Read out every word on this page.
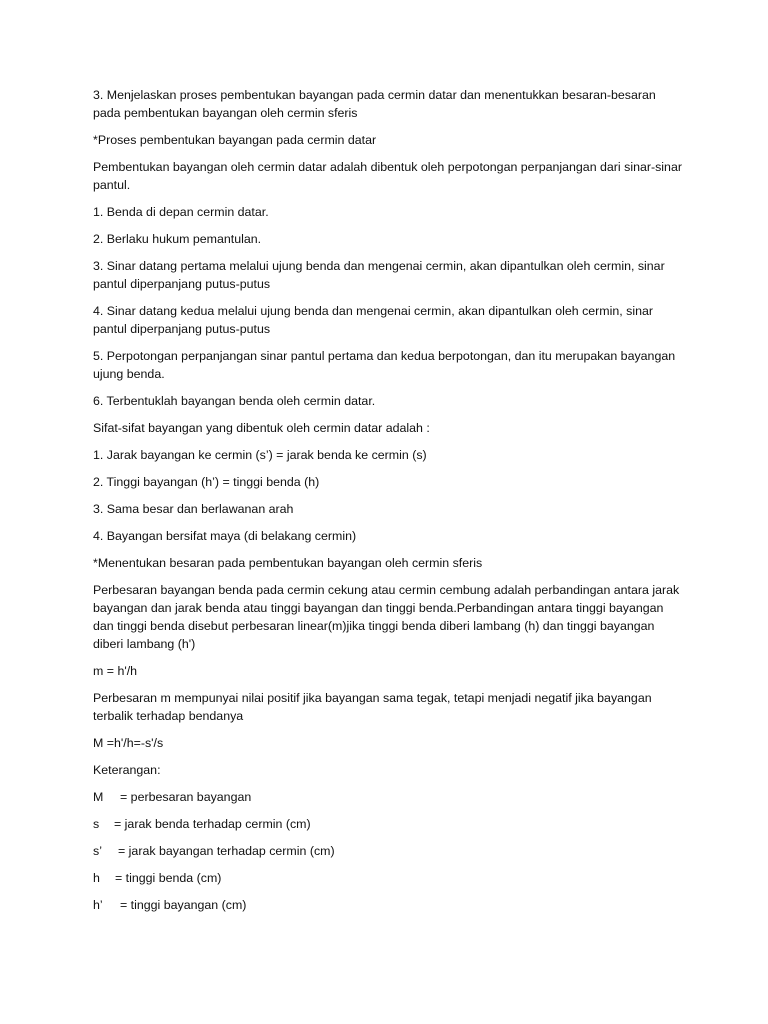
3. Menjelaskan proses pembentukan bayangan pada cermin datar dan menentukkan besaran-besaran pada pembentukan bayangan oleh cermin sferis

*Proses pembentukan bayangan pada cermin datar

Pembentukan bayangan oleh cermin datar adalah dibentuk oleh perpotongan perpanjangan dari sinar-sinar pantul.

1. Benda di depan cermin datar.

2. Berlaku hukum pemantulan.

3. Sinar datang pertama melalui ujung benda dan mengenai cermin, akan dipantulkan oleh cermin, sinar pantul diperpanjang putus-putus

4. Sinar datang kedua melalui ujung benda dan mengenai cermin, akan dipantulkan oleh cermin, sinar pantul diperpanjang putus-putus

5. Perpotongan perpanjangan sinar pantul pertama dan kedua berpotongan, dan itu merupakan bayangan ujung benda.

6. Terbentuklah bayangan benda oleh cermin datar.

Sifat-sifat bayangan yang dibentuk oleh cermin datar adalah :

1. Jarak bayangan ke cermin (s’) = jarak benda ke cermin (s)

2. Tinggi bayangan (h’) = tinggi benda (h)

3. Sama besar dan berlawanan arah

4. Bayangan bersifat maya (di belakang cermin)

*Menentukan besaran pada pembentukan bayangan oleh cermin sferis

Perbesaran bayangan benda pada cermin cekung atau cermin cembung adalah perbandingan antara jarak bayangan dan jarak benda atau tinggi bayangan dan tinggi benda.Perbandingan antara tinggi bayangan dan tinggi benda disebut perbesaran linear(m)jika tinggi benda diberi lambang (h) dan tinggi bayangan diberi lambang (h')

m = h'/h

Perbesaran m mempunyai nilai positif jika bayangan sama tegak, tetapi menjadi negatif jika bayangan terbalik terhadap bendanya

M =h'/h=-s'/s

Keterangan:

M	= perbesaran bayangan
s	= jarak benda terhadap cermin (cm)
s’	= jarak bayangan terhadap cermin (cm)
h	= tinggi benda (cm)
h’	= tinggi bayangan (cm)
